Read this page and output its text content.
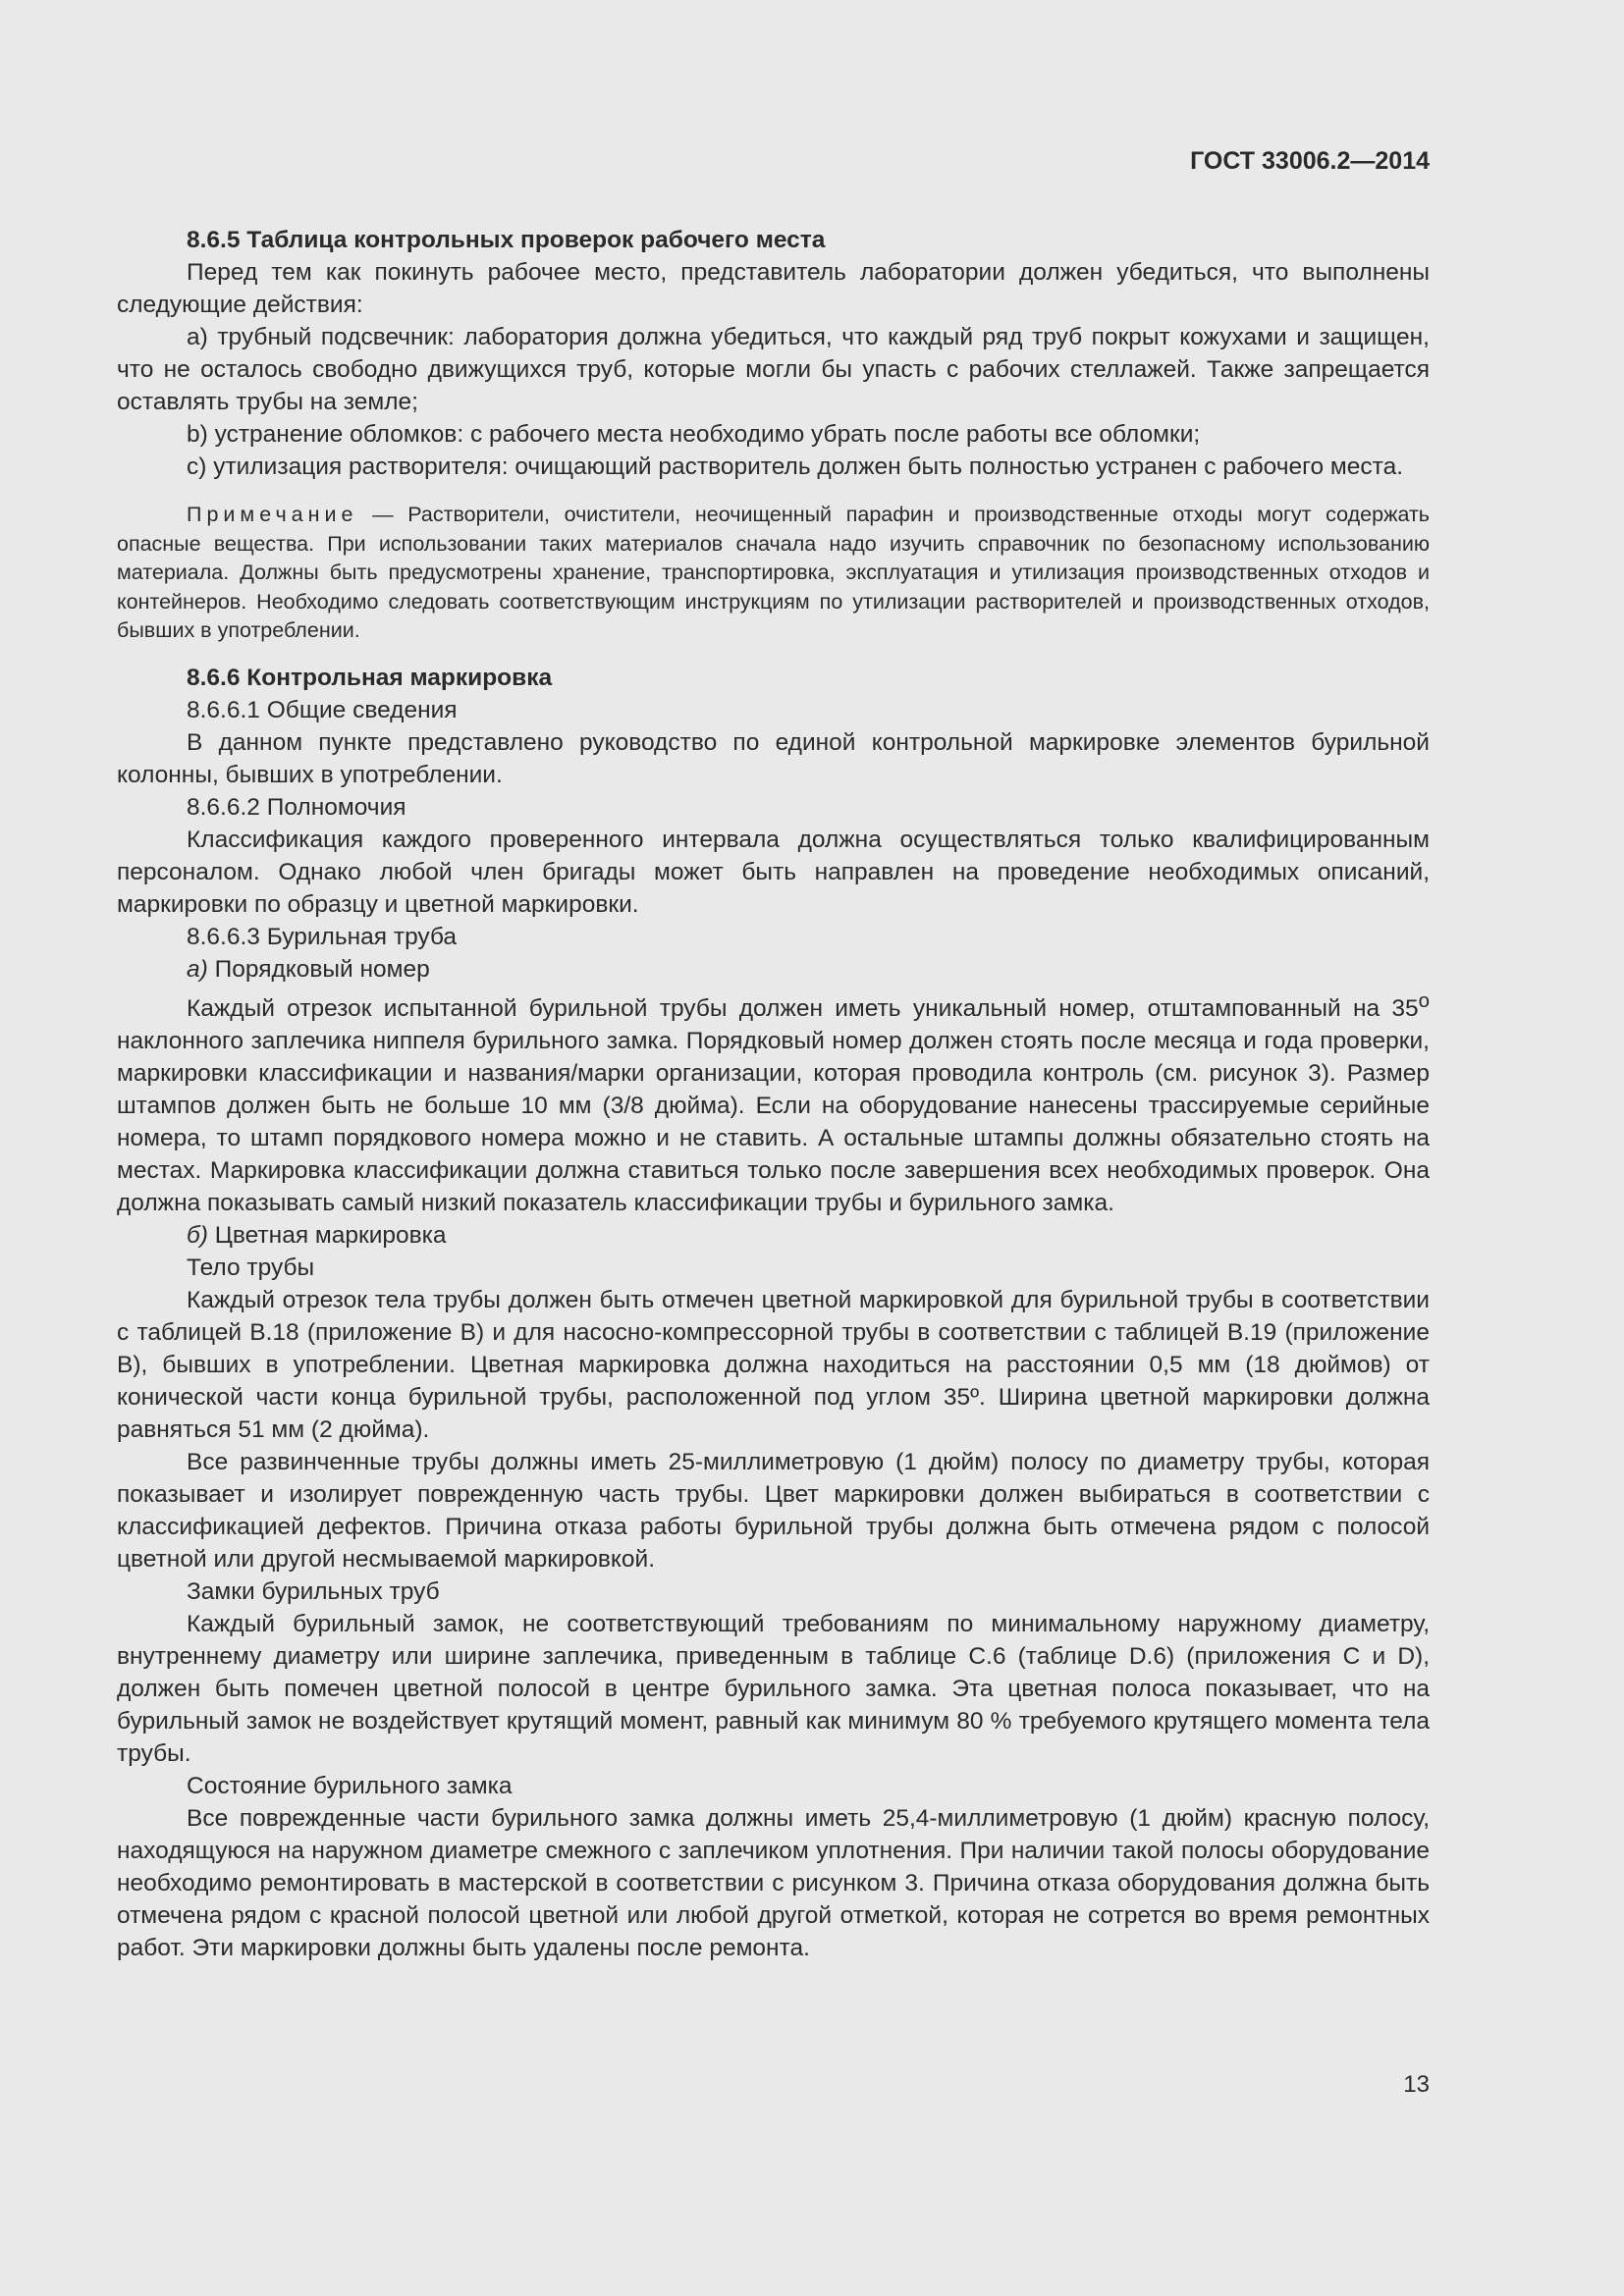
ГОСТ 33006.2—2014

8.6.5 Таблица контрольных проверок рабочего места

Перед тем как покинуть рабочее место, представитель лаборатории должен убедиться, что выполнены следующие действия:

а) трубный подсвечник: лаборатория должна убедиться, что каждый ряд труб покрыт кожухами и защищен, что не осталось свободно движущихся труб, которые могли бы упасть с рабочих стеллажей. Также запрещается оставлять трубы на земле;

b) устранение обломков: с рабочего места необходимо убрать после работы все обломки;

c) утилизация растворителя: очищающий растворитель должен быть полностью устранен с рабочего места.

Примечание — Растворители, очистители, неочищенный парафин и производственные отходы могут содержать опасные вещества. При использовании таких материалов сначала надо изучить справочник по безопасному использованию материала. Должны быть предусмотрены хранение, транспортировка, эксплуатация и утилизация производственных отходов и контейнеров. Необходимо следовать соответствующим инструкциям по утилизации растворителей и производственных отходов, бывших в употреблении.

8.6.6 Контрольная маркировка

8.6.6.1 Общие сведения

В данном пункте представлено руководство по единой контрольной маркировке элементов бурильной колонны, бывших в употреблении.

8.6.6.2 Полномочия

Классификация каждого проверенного интервала должна осуществляться только квалифицированным персоналом. Однако любой член бригады может быть направлен на проведение необходимых описаний, маркировки по образцу и цветной маркировки.

8.6.6.3 Бурильная труба

а) Порядковый номер

Каждый отрезок испытанной бурильной трубы должен иметь уникальный номер, отштампованный на $35^о$ наклонного заплечика ниппеля бурильного замка. Порядковый номер должен стоять после месяца и года проверки, маркировки классификации и названия/марки организации, которая проводила контроль (см. рисунок 3). Размер штампов должен быть не больше 10 мм (3/8 дюйма). Если на оборудование нанесены трассируемые серийные номера, то штамп порядкового номера можно и не ставить. А остальные штампы должны обязательно стоять на местах. Маркировка классификации должна ставиться только после завершения всех необходимых проверок. Она должна показывать самый низкий показатель классификации трубы и бурильного замка.

б) Цветная маркировка

Тело трубы

Каждый отрезок тела трубы должен быть отмечен цветной маркировкой для бурильной трубы в соответствии с таблицей В.18 (приложение В) и для насосно-компрессорной трубы в соответствии с таблицей В.19 (приложение В), бывших в употреблении. Цветная маркировка должна находиться на расстоянии 0,5 мм (18 дюймов) от конической части конца бурильной трубы, расположенной под углом 35º. Ширина цветной маркировки должна равняться 51 мм (2 дюйма).

Все развинченные трубы должны иметь 25-миллиметровую (1 дюйм) полосу по диаметру трубы, которая показывает и изолирует поврежденную часть трубы. Цвет маркировки должен выбираться в соответствии с классификацией дефектов. Причина отказа работы бурильной трубы должна быть отмечена рядом с полосой цветной или другой несмываемой маркировкой.

Замки бурильных труб

Каждый бурильный замок, не соответствующий требованиям по минимальному наружному диаметру, внутреннему диаметру или ширине заплечика, приведенным в таблице С.6 (таблице D.6) (приложения С и D), должен быть помечен цветной полосой в центре бурильного замка. Эта цветная полоса показывает, что на бурильный замок не воздействует крутящий момент, равный как минимум 80 % требуемого крутящего момента тела трубы.

Состояние бурильного замка

Все поврежденные части бурильного замка должны иметь 25,4-миллиметровую (1 дюйм) красную полосу, находящуюся на наружном диаметре смежного с заплечиком уплотнения. При наличии такой полосы оборудование необходимо ремонтировать в мастерской в соответствии с рисунком 3. Причина отказа оборудования должна быть отмечена рядом с красной полосой цветной или любой другой отметкой, которая не сотрется во время ремонтных работ. Эти маркировки должны быть удалены после ремонта.

13
